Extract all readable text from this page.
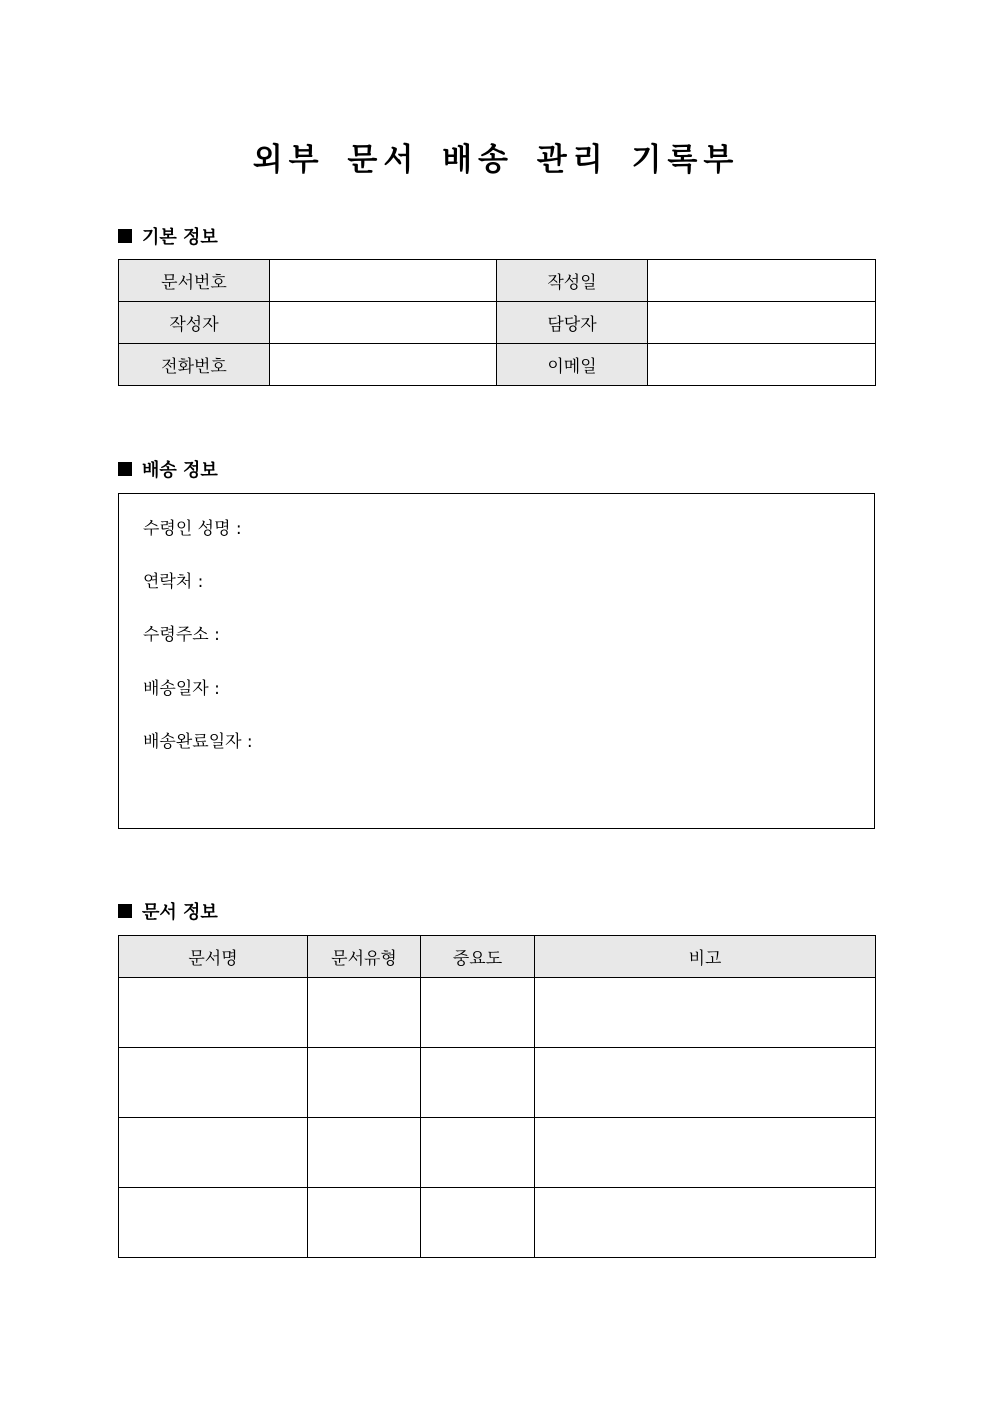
외부 문서 배송 관리 기록부
기본 정보
문서번호		작성일	
작성자		담당자	
전화번호		이메일	
배송 정보
수령인 성명 :
연락처 :
수령주소 :
배송일자 :
배송완료일자 :
문서 정보
문서명	문서유형	중요도	비고
